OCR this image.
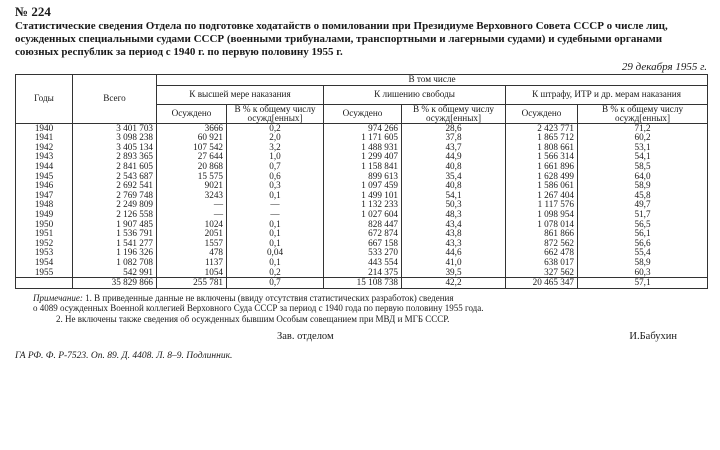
№ 224

Статистические сведения Отдела по подготовке ходатайств о помиловании при Президиуме Верховного Совета СССР о числе лиц, осужденных специальными судами СССР (военными трибуналами, транспортными и лагерными судами) и судебными органами союзных республик за период с 1940 г. по первую половину 1955 г.

29 декабря 1955 г.
Годы	Всего	В том числе					
		К высшей мере наказания		К лишению свободы		К штрафу, ИТР и др. мерам наказания	
		Осуждено	В % к общему числу осужд[енных]	Осуждено	В % к общему числу осужд[енных]	Осуждено	В % к общему числу осужд[енных]
1940	3 401 703	3666	0,2	974 266	28,6	2 423 771	71,2
1941	3 098 238	60 921	2,0	1 171 605	37,8	1 865 712	60,2
1942	3 405 134	107 542	3,2	1 488 931	43,7	1 808 661	53,1
1943	2 893 365	27 644	1,0	1 299 407	44,9	1 566 314	54,1
1944	2 841 605	20 868	0,7	1 158 841	40,8	1 661 896	58,5
1945	2 543 687	15 575	0,6	899 613	35,4	1 628 499	64,0
1946	2 692 541	9021	0,3	1 097 459	40,8	1 586 061	58,9
1947	2 769 748	3243	0,1	1 499 101	54,1	1 267 404	45,8
1948	2 249 809	—	—	1 132 233	50,3	1 117 576	49,7
1949	2 126 558	—	—	1 027 604	48,3	1 098 954	51,7
1950	1 907 485	1024	0,1	828 447	43,4	1 078 014	56,5
1951	1 536 791	2051	0,1	672 874	43,8	861 866	56,1
1952	1 541 277	1557	0,1	667 158	43,3	872 562	56,6
1953	1 196 326	478	0,04	533 270	44,6	662 478	55,4
1954	1 082 708	1137	0,1	443 554	41,0	638 017	58,9
1955	542 991	1054	0,2	214 375	39,5	327 562	60,3
	35 829 866	255 781	0,7	15 108 738	42,2	20 465 347	57,1
Примечание: 1. В приведенные данные не включены (ввиду отсутствия статистических разработок) сведения
о 4089 осужденных Военной коллегией Верховного Суда СССР за период с 1940 года по первую половину 1955 года.
2. Не включены также сведения об осужденных бывшим Особым совещанием при МВД и МГБ СССР.
Зав. отделом	И.Бабухин
ГА РФ. Ф. Р-7523. Оп. 89. Д. 4408. Л. 8–9. Подлинник.
